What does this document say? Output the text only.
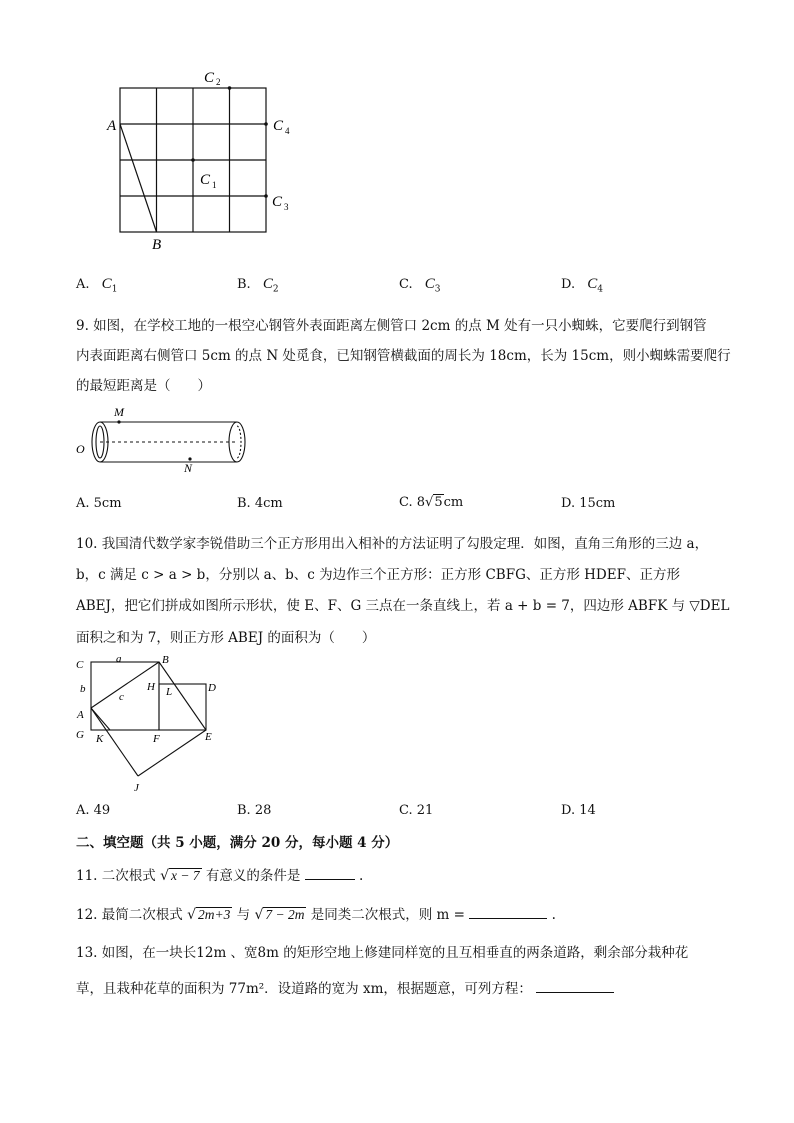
A
B
C 2
C 4
C 1
C 3
A. $C_1$	B. $C_2$	C. $C_3$	D. $C_4$
9. 如图，在学校工地的一根空心钢管外表面距离左侧管口 2cm 的点 M 处有一只小蜘蛛，它要爬行到钢管
内表面距离右侧管口 5cm 的点 N 处觅食，已知钢管横截面的周长为 18cm，长为 15cm，则小蜘蛛需要爬行
的最短距离是（　　）
M
N
O
A. 5cm	B. 4cm	C. 8√5cm	D. 15cm
10. 我国清代数学家李锐借助三个正方形用出入相补的方法证明了勾股定理．如图，直角三角形的三边 a，
b，c 满足 c > a > b，分别以 a、b、c 为边作三个正方形：正方形 CBFG、正方形 HDEF、正方形
ABEJ，把它们拼成如图所示形状，使 E、F、G 三点在一条直线上，若 a + b = 7，四边形 ABFK 与 ▽DEL
面积之和为 7，则正方形 ABEJ 的面积为（　　）
C	a	B
b	H L	D
c
A
G K	F	E
J
A. 49	B. 28	C. 21	D. 14
二、填空题（共 5 小题，满分 20 分，每小题 4 分）
11. 二次根式 √ x − 7 有意义的条件是	.
12. 最简二次根式 √ 2m+3 与 √ 7 − 2m 是同类二次根式，则 m =	.
13. 如图，在一块长12m 、宽8m 的矩形空地上修建同样宽的且互相垂直的两条道路，剩余部分栽种花
草，且栽种花草的面积为 77m²．设道路的宽为 xm，根据题意，可列方程：
